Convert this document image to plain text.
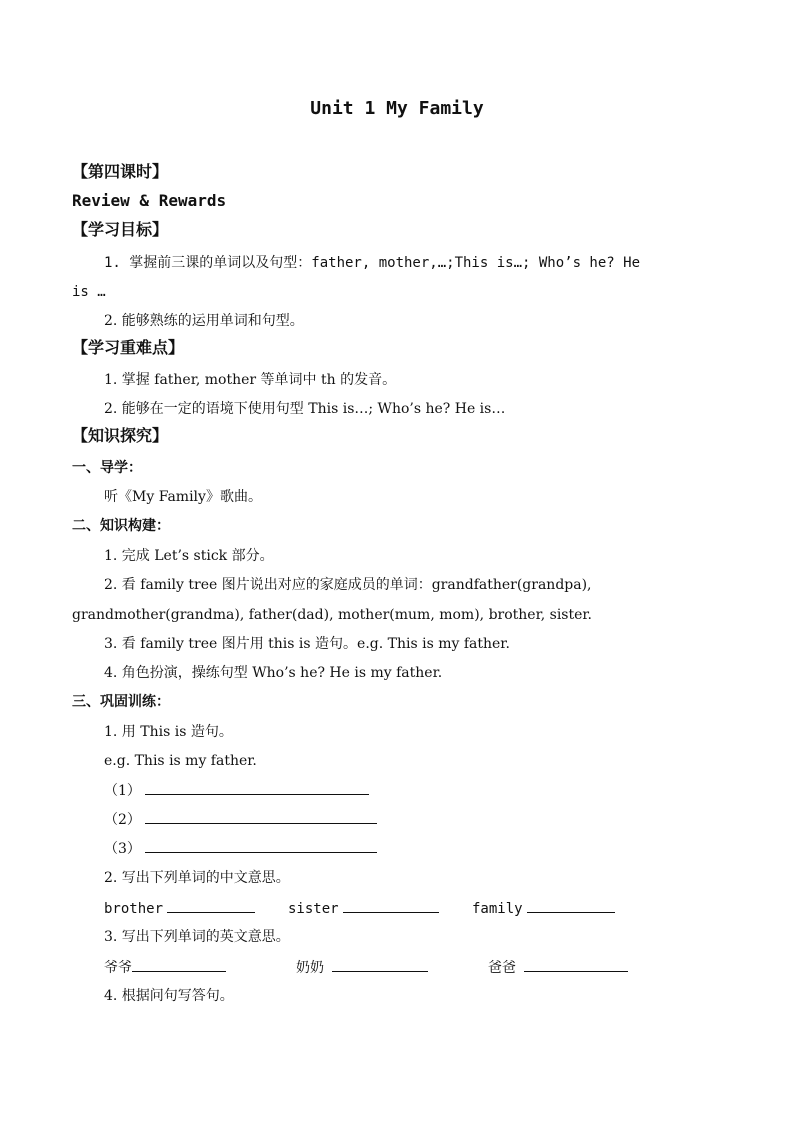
Unit 1 My Family
【第四课时】
Review & Rewards
【学习目标】
1. 掌握前三课的单词以及句型：father, mother,…;This is…; Who’s he? He
is …
2. 能够熟练的运用单词和句型。
【学习重难点】
1. 掌握 father, mother 等单词中 th 的发音。
2. 能够在一定的语境下使用句型 This is…; Who’s he? He is…
【知识探究】
一、导学：
听《My Family》歌曲。
二、知识构建：
1. 完成 Let’s stick 部分。
2. 看 family tree 图片说出对应的家庭成员的单词：grandfather(grandpa),
grandmother(grandma), father(dad), mother(mum, mom), brother, sister.
3. 看 family tree 图片用 this is 造句。e.g. This is my father.
4. 角色扮演，操练句型 Who’s he? He is my father.
三、巩固训练：
1. 用 This is 造句。
e.g. This is my father.
（1）
（2）
（3）
2. 写出下列单词的中文意思。
brother	sister	family
3. 写出下列单词的英文意思。
爷爷	奶奶	爸爸
4. 根据问句写答句。
